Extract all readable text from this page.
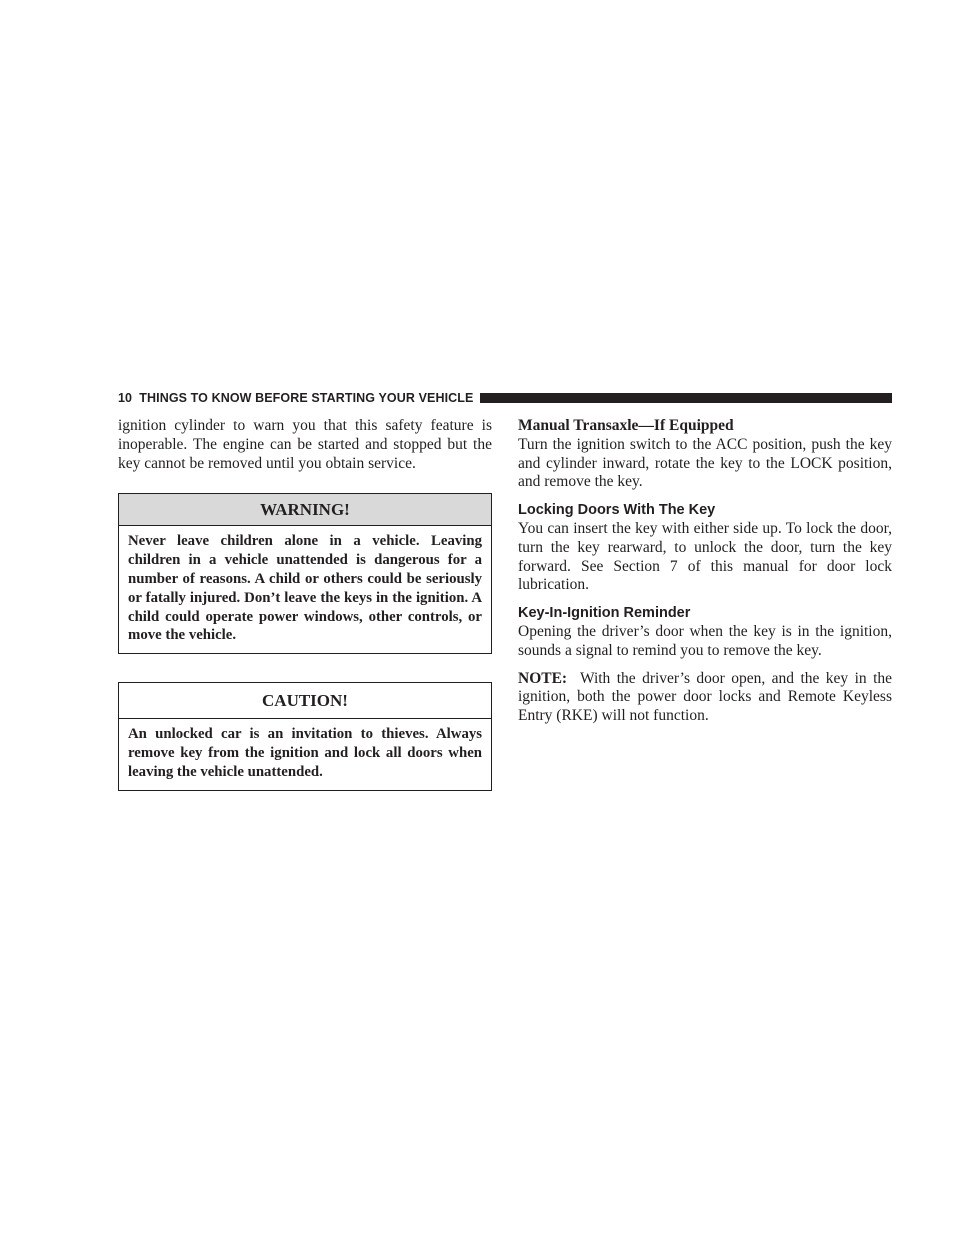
10 THINGS TO KNOW BEFORE STARTING YOUR VEHICLE

ignition cylinder to warn you that this safety feature is inoperable. The engine can be started and stopped but the key cannot be removed until you obtain service.

WARNING!
Never leave children alone in a vehicle. Leaving children in a vehicle unattended is dangerous for a number of reasons. A child or others could be seriously or fatally injured. Don’t leave the keys in the ignition. A child could operate power windows, other controls, or move the vehicle.
CAUTION!
An unlocked car is an invitation to thieves. Always remove key from the ignition and lock all doors when leaving the vehicle unattended.
Manual Transaxle—If Equipped

Turn the ignition switch to the ACC position, push the key and cylinder inward, rotate the key to the LOCK position, and remove the key.

Locking Doors With The Key

You can insert the key with either side up. To lock the door, turn the key rearward, to unlock the door, turn the key forward. See Section 7 of this manual for door lock lubrication.

Key-In-Ignition Reminder

Opening the driver’s door when the key is in the ignition, sounds a signal to remind you to remove the key.

NOTE: With the driver’s door open, and the key in the ignition, both the power door locks and Remote Keyless Entry (RKE) will not function.
